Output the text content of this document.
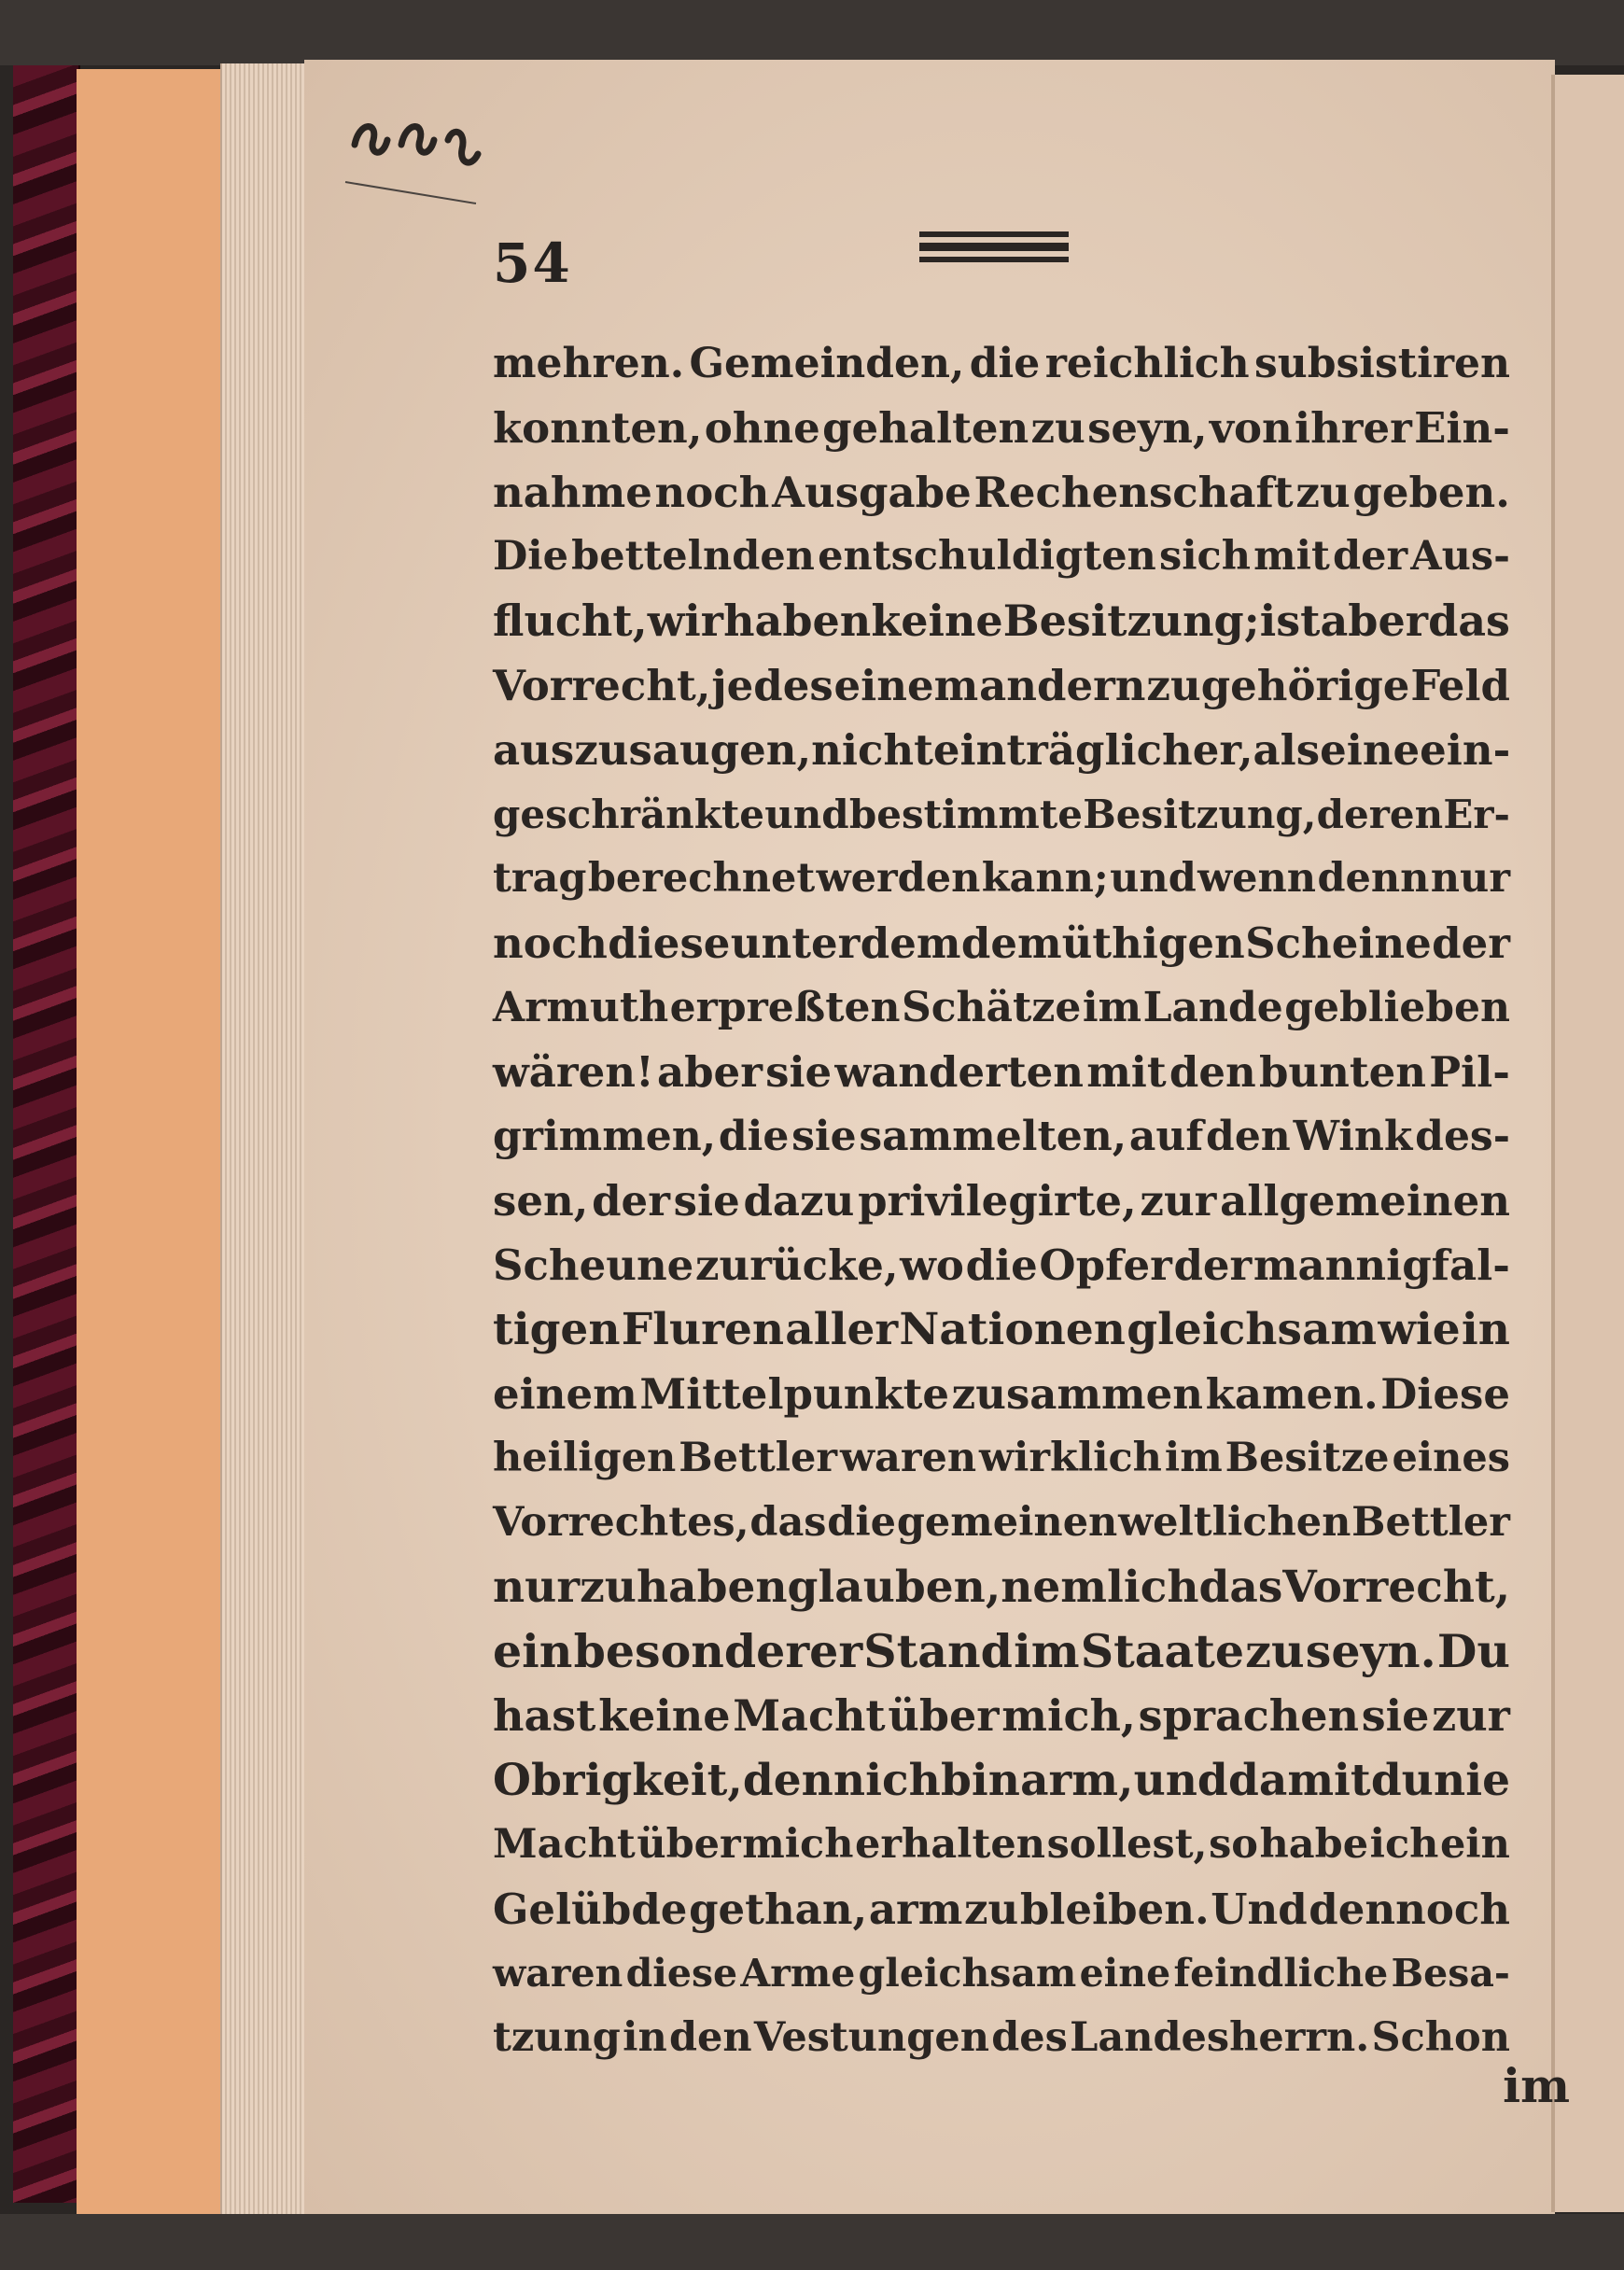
54
mehren. Gemeinden, die reichlich subsistiren
konnten, ohne gehalten zu seyn, von ihrer Ein-
nahme noch Ausgabe Rechenschaft zu geben.
Die bettelnden entschuldigten sich mit der Aus-
flucht, wir haben keine Besitzung; ist aber das
Vorrecht, jedes einem andern zugehörige Feld
auszusaugen, nicht einträglicher, als eine ein-
geschränkte und bestimmte Besitzung, deren Er-
trag berechnet werden kann; und wenn denn nur
noch diese unter dem demüthigen Scheine der
Armuth erpreßten Schätze im Lande geblieben
wären! aber sie wanderten mit den bunten Pil-
grimmen, die sie sammelten, auf den Wink des-
sen, der sie dazu privilegirte, zur allgemeinen
Scheune zurücke, wo die Opfer der mannigfal-
tigen Fluren aller Nationen gleichsam wie in
einem Mittelpunkte zusammen kamen. Diese
heiligen Bettler waren wirklich im Besitze eines
Vorrechtes, das die gemeinen weltlichen Bettler
nur zu haben glauben, nemlich das Vorrecht,
ein besonderer Stand im Staate zu seyn. Du
hast keine Macht über mich, sprachen sie zur
Obrigkeit, denn ich bin arm, und damit du nie
Macht über mich erhalten sollest, so habe ich ein
Gelübde gethan, arm zu bleiben. Und dennoch
waren diese Arme gleichsam eine feindliche Besa-
tzung in den Vestungen des Landesherrn. Schon
im
